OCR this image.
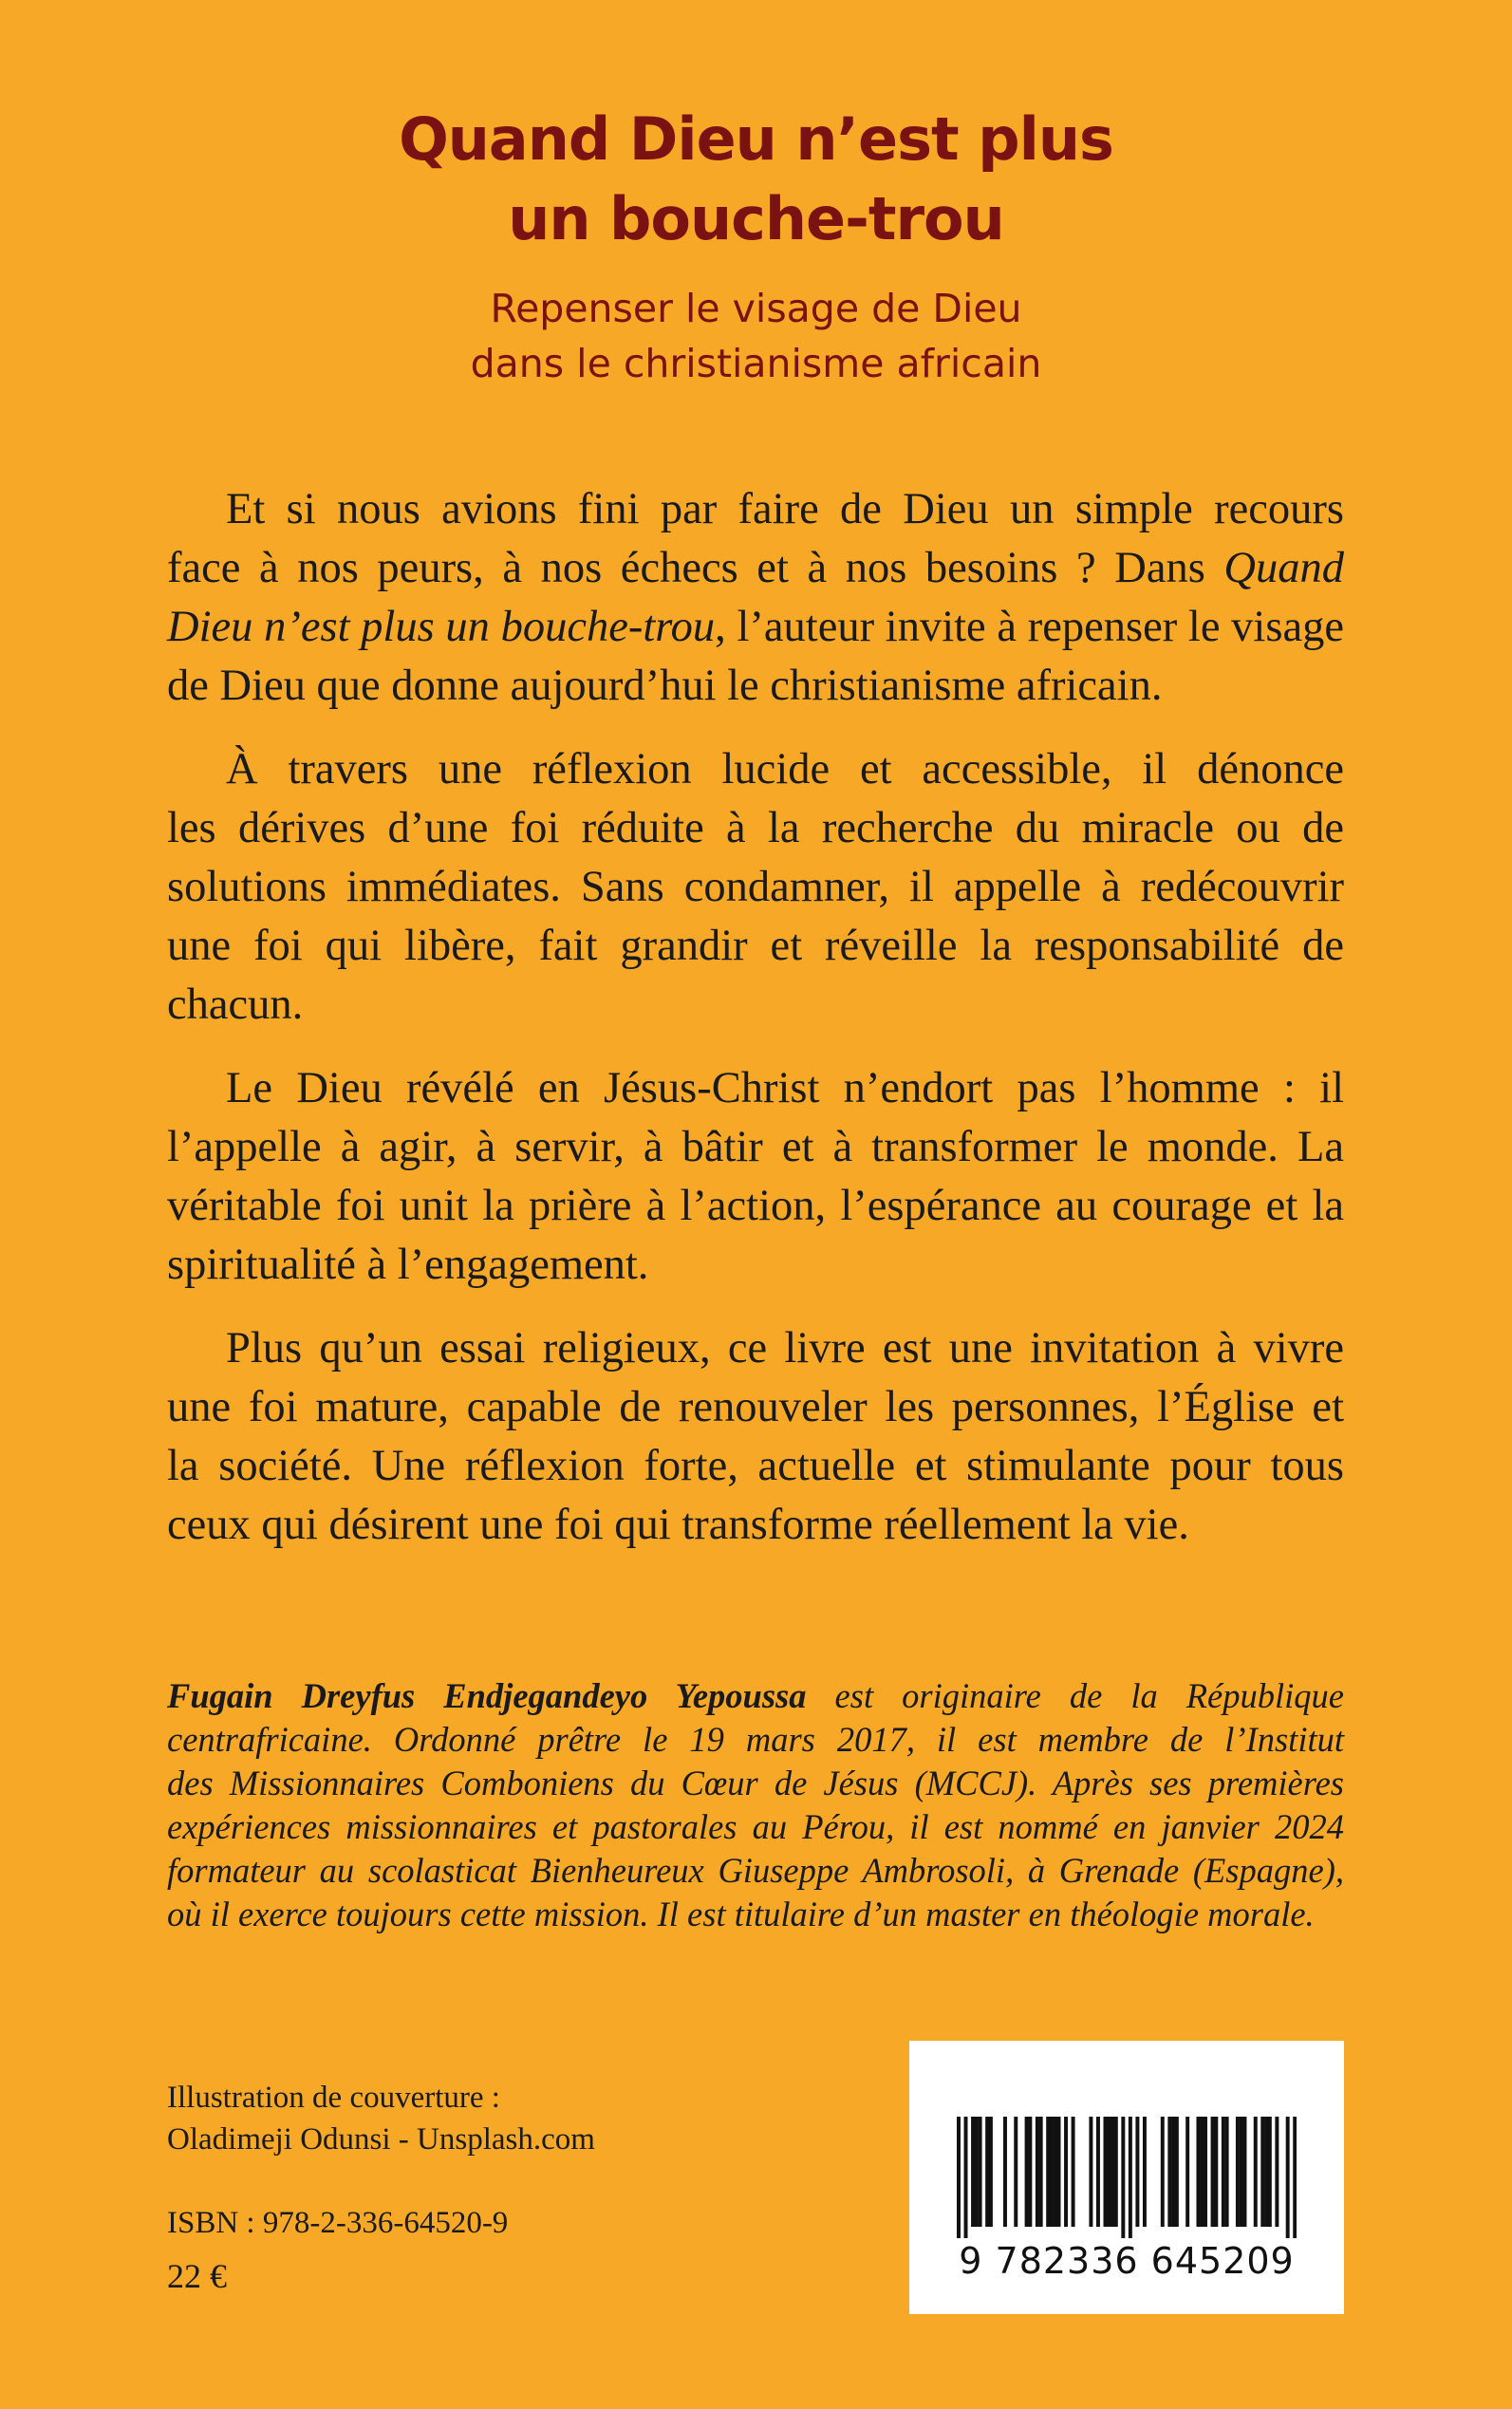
Quand Dieu n’est plus
un bouche-trou
Repenser le visage de Dieu
dans le christianisme africain
Et si nous avions fini par faire de Dieu un simple recours
face à nos peurs, à nos échecs et à nos besoins ? Dans Quand
Dieu n’est plus un bouche-trou, l’auteur invite à repenser le visage
de Dieu que donne aujourd’hui le christianisme africain.
À travers une réflexion lucide et accessible, il dénonce
les dérives d’une foi réduite à la recherche du miracle ou de
solutions immédiates. Sans condamner, il appelle à redécouvrir
une foi qui libère, fait grandir et réveille la responsabilité de
chacun.
Le Dieu révélé en Jésus-Christ n’endort pas l’homme : il
l’appelle à agir, à servir, à bâtir et à transformer le monde. La
véritable foi unit la prière à l’action, l’espérance au courage et la
spiritualité à l’engagement.
Plus qu’un essai religieux, ce livre est une invitation à vivre
une foi mature, capable de renouveler les personnes, l’Église et
la société. Une réflexion forte, actuelle et stimulante pour tous
ceux qui désirent une foi qui transforme réellement la vie.
Fugain Dreyfus Endjegandeyo Yepoussa est originaire de la République
centrafricaine. Ordonné prêtre le 19 mars 2017, il est membre de l’Institut
des Missionnaires Comboniens du Cœur de Jésus (MCCJ). Après ses premières
expériences missionnaires et pastorales au Pérou, il est nommé en janvier 2024
formateur au scolasticat Bienheureux Giuseppe Ambrosoli, à Grenade (Espagne),
où il exerce toujours cette mission. Il est titulaire d’un master en théologie morale.
Illustration de couverture :
Oladimeji Odunsi - Unsplash.com
ISBN : 978-2-336-64520-9
22 €	9 782336 645209
